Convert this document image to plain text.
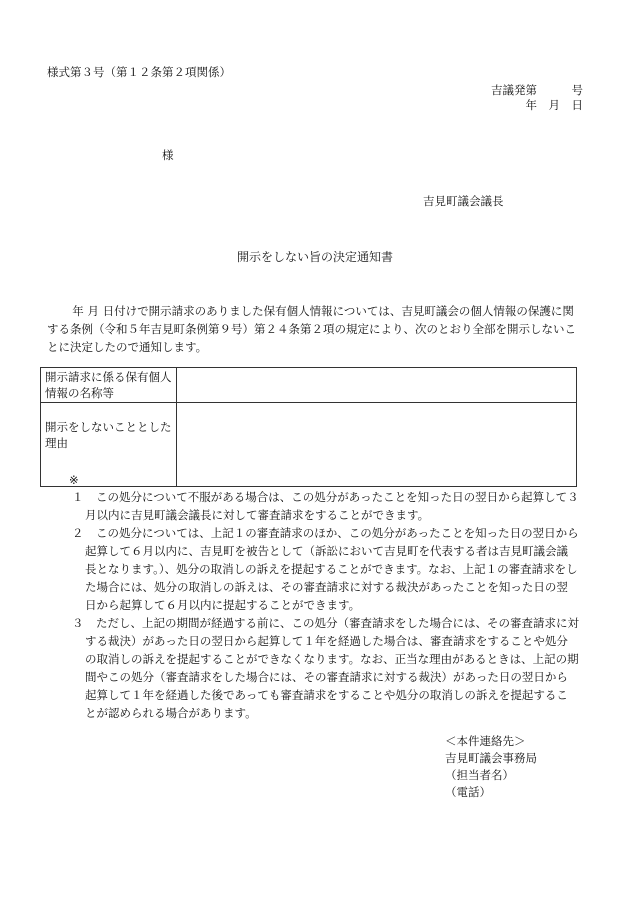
様式第３号（第１２条第２項関係）
吉議発第　　　号
年　月　日
様
吉見町議会議長
開示をしない旨の決定通知書
年 月 日付けで開示請求のありました保有個人情報については、吉見町議会の個人情報の保護に関する条例（令和５年吉見町条例第９号）第２４条第２項の規定により、次のとおり全部を開示しないことに決定したので通知します。
開示請求に係る保有個人情報の名称等	
開示をしないこととした理由	
※
１ この処分について不服がある場合は、この処分があったことを知った日の翌日から起算して３月以内に吉見町議会議長に対して審査請求をすることができます。
２ この処分については、上記１の審査請求のほか、この処分があったことを知った日の翌日から起算して６月以内に、吉見町を被告として（訴訟において吉見町を代表する者は吉見町議会議長となります。）、処分の取消しの訴えを提起することができます。なお、上記１の審査請求をした場合には、処分の取消しの訴えは、その審査請求に対する裁決があったことを知った日の翌日から起算して６月以内に提起することができます。
３ ただし、上記の期間が経過する前に、この処分（審査請求をした場合には、その審査請求に対する裁決）があった日の翌日から起算して１年を経過した場合は、審査請求をすることや処分の取消しの訴えを提起することができなくなります。なお、正当な理由があるときは、上記の期間やこの処分（審査請求をした場合には、その審査請求に対する裁決）があった日の翌日から起算して１年を経過した後であっても審査請求をすることや処分の取消しの訴えを提起することが認められる場合があります。
＜本件連絡先＞
吉見町議会事務局
（担当者名）
（電話）
